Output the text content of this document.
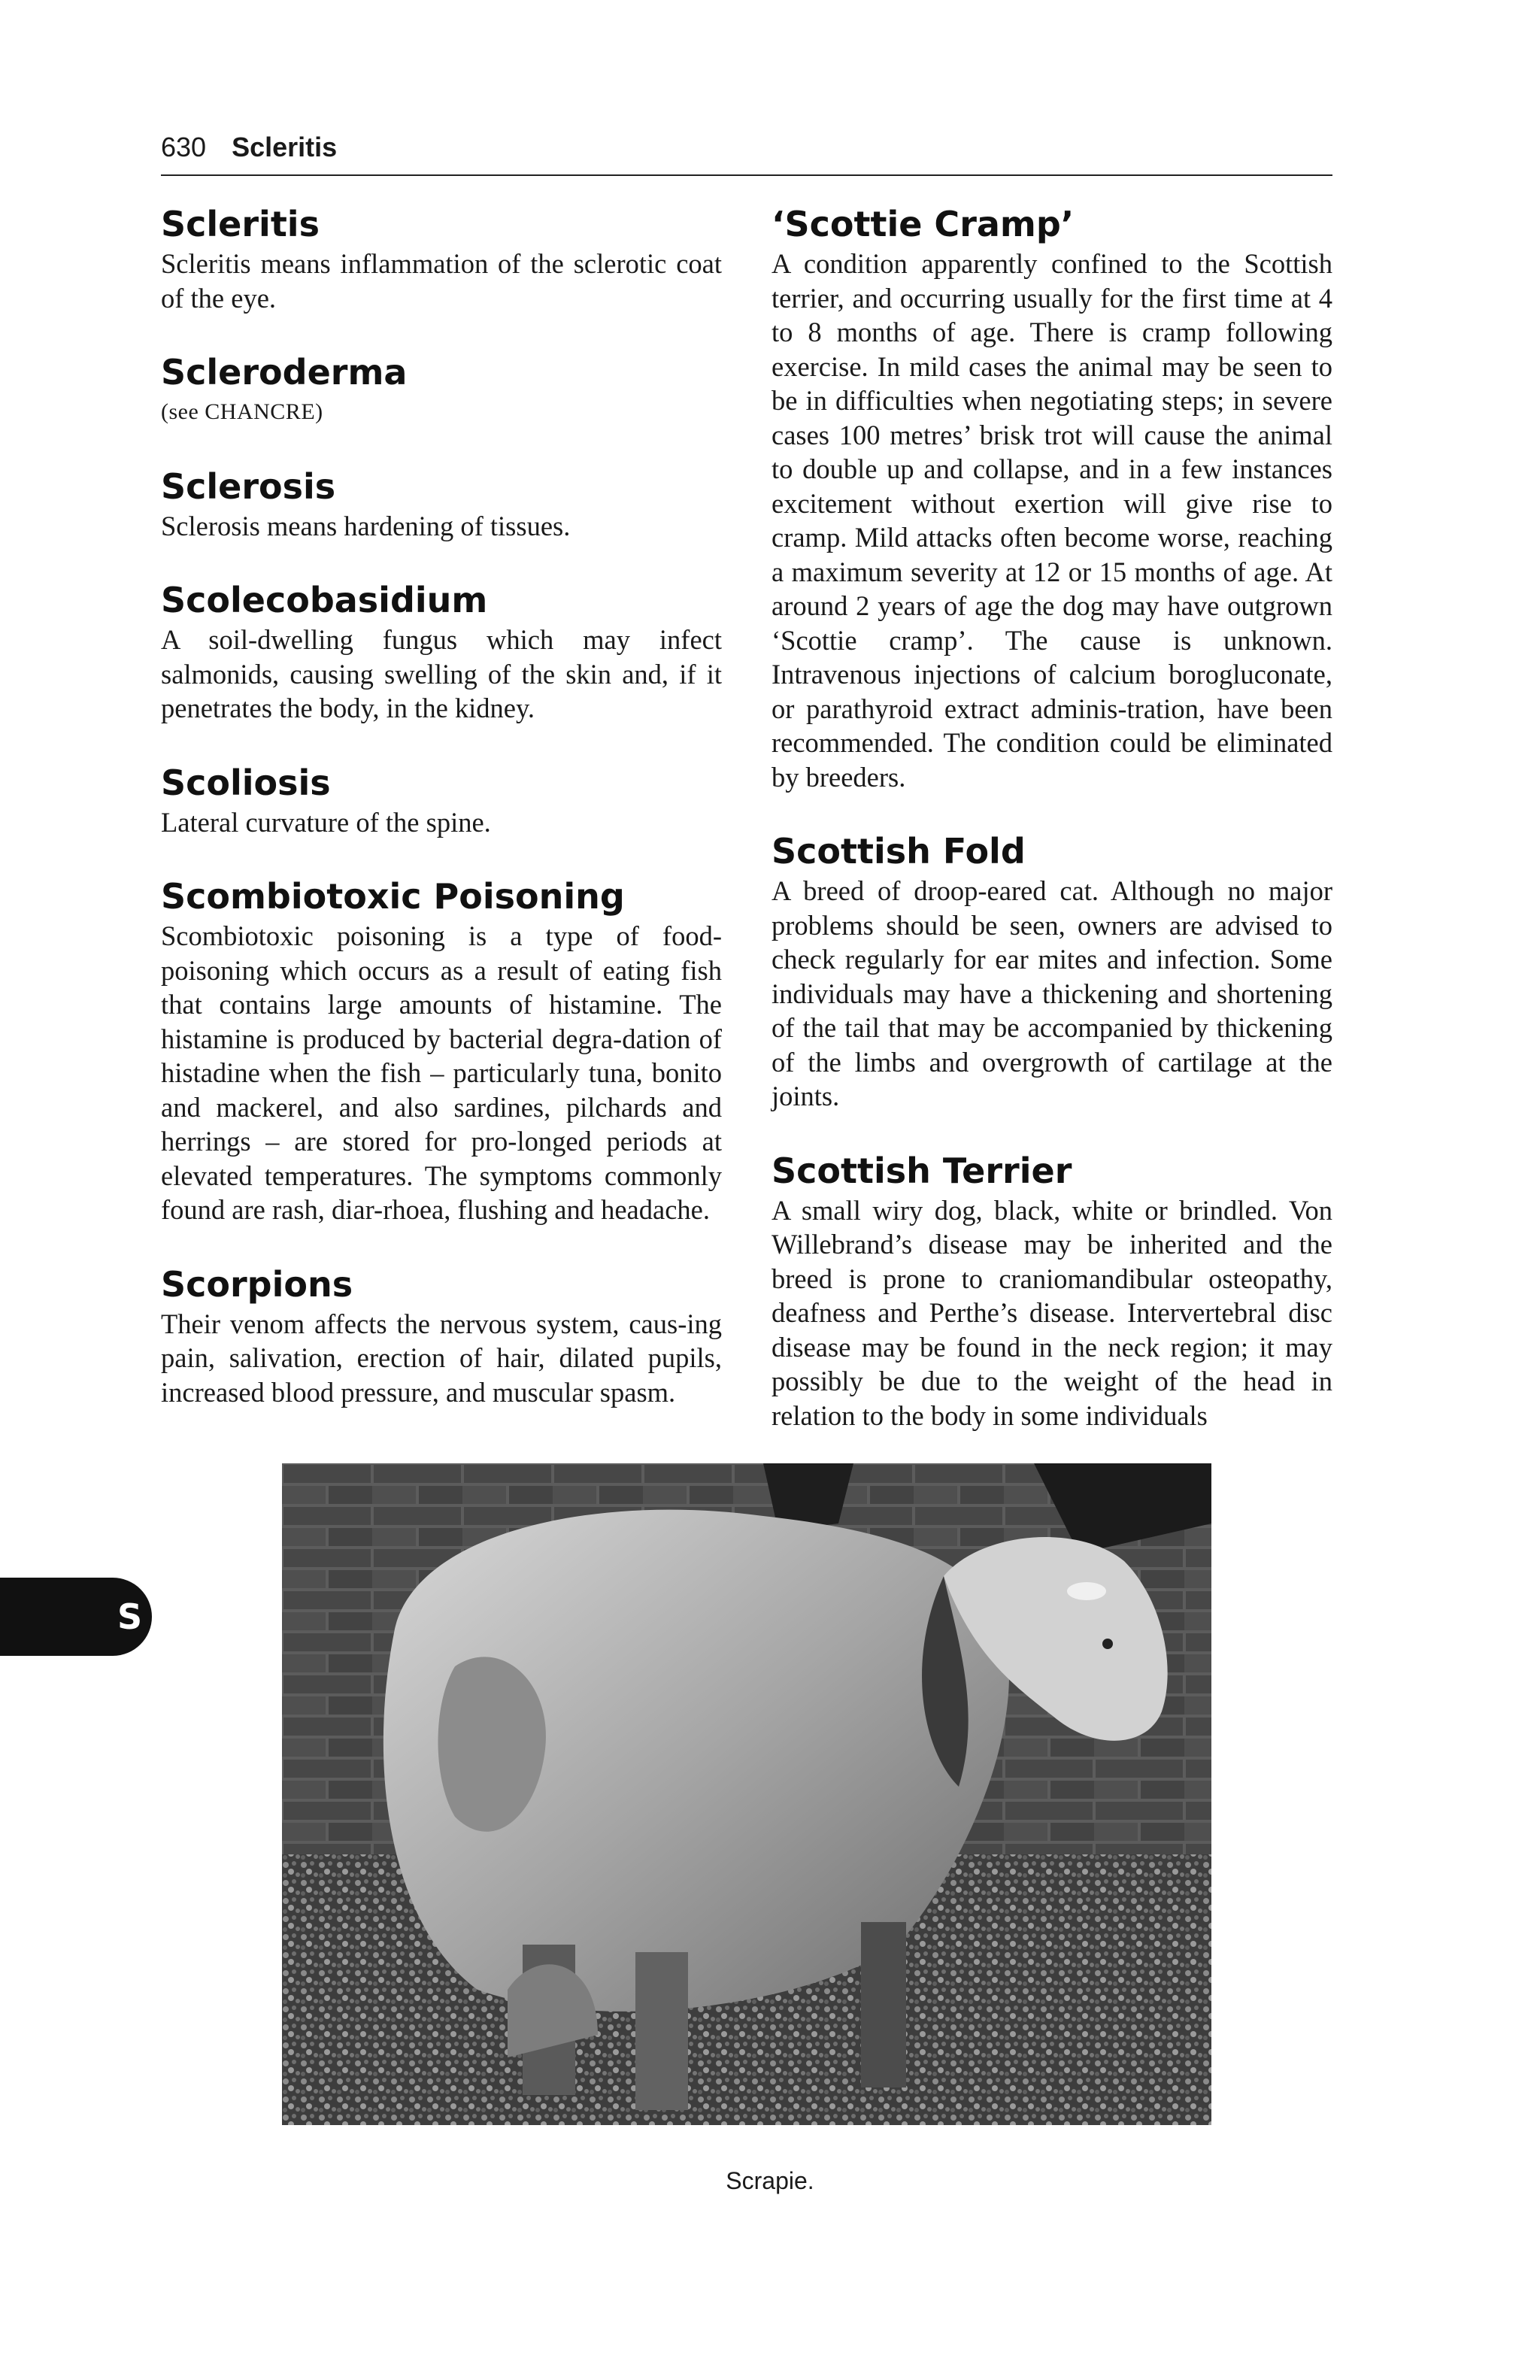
630 Scleritis
Scleritis

Scleritis means inflammation of the sclerotic coat of the eye.

Scleroderma

(see CHANCRE)

Sclerosis

Sclerosis means hardening of tissues.

Scolecobasidium

A soil-dwelling fungus which may infect salmonids, causing swelling of the skin and, if it penetrates the body, in the kidney.

Scoliosis

Lateral curvature of the spine.

Scombiotoxic Poisoning

Scombiotoxic poisoning is a type of food-poisoning which occurs as a result of eating fish that contains large amounts of histamine. The histamine is produced by bacterial degra-dation of histadine when the fish – particularly tuna, bonito and mackerel, and also sardines, pilchards and herrings – are stored for pro-longed periods at elevated temperatures. The symptoms commonly found are rash, diar-rhoea, flushing and headache.

Scorpions

Their venom affects the nervous system, caus-ing pain, salivation, erection of hair, dilated pupils, increased blood pressure, and muscular spasm.

‘Scottie Cramp’

A condition apparently confined to the Scottish terrier, and occurring usually for the first time at 4 to 8 months of age. There is cramp following exercise. In mild cases the animal may be seen to be in difficulties when negotiating steps; in severe cases 100 metres’ brisk trot will cause the animal to double up and collapse, and in a few instances excitement without exertion will give rise to cramp. Mild attacks often become worse, reaching a maximum severity at 12 or 15 months of age. At around 2 years of age the dog may have outgrown ‘Scottie cramp’. The cause is unknown. Intravenous injections of calcium borogluconate, or parathyroid extract adminis-tration, have been recommended. The condition could be eliminated by breeders.

Scottish Fold

A breed of droop-eared cat. Although no major problems should be seen, owners are advised to check regularly for ear mites and infection. Some individuals may have a thickening and shortening of the tail that may be accompanied by thickening of the limbs and overgrowth of cartilage at the joints.

Scottish Terrier

A small wiry dog, black, white or brindled. Von Willebrand’s disease may be inherited and the breed is prone to craniomandibular osteopathy, deafness and Perthe’s disease. Intervertebral disc disease may be found in the neck region; it may possibly be due to the weight of the head in relation to the body in some individuals

Scrapie.
S
